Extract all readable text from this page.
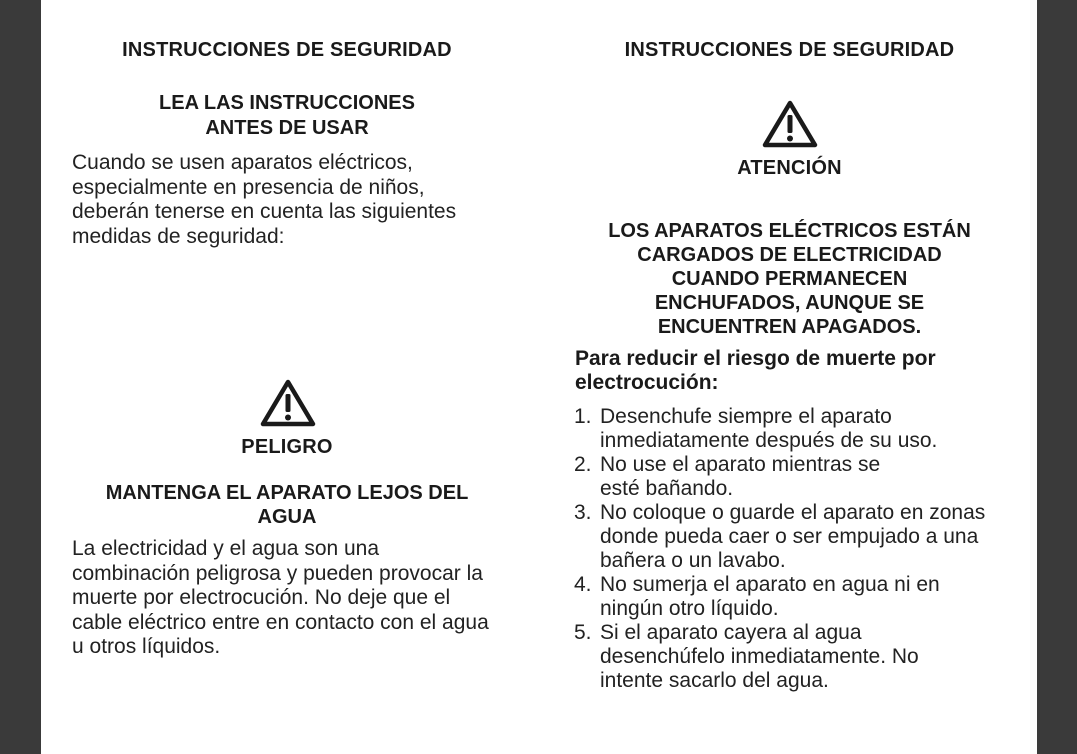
INSTRUCCIONES DE SEGURIDAD

LEA LAS INSTRUCCIONES

ANTES DE USAR

Cuando se usen aparatos eléctricos, especialmente en presencia de niños, deberán tenerse en cuenta las siguientes medidas de seguridad:

PELIGRO

MANTENGA EL APARATO LEJOS DEL

AGUA

La electricidad y el agua son una combinación peligrosa y pueden provocar la muerte por electrocución. No deje que el cable eléctrico entre en contacto con el agua u otros líquidos.

INSTRUCCIONES DE SEGURIDAD

ATENCIÓN

LOS APARATOS ELÉCTRICOS ESTÁN
CARGADOS DE ELECTRICIDAD
CUANDO PERMANECEN
ENCHUFADOS, AUNQUE SE
ENCUENTREN APAGADOS.

Para reducir el riesgo de muerte por electrocución:

1. Desenchufe siempre el aparato inmediatamente después de su uso.
2. No use el aparato mientras se esté bañando.
3. No coloque o guarde el aparato en zonas donde pueda caer o ser empujado a una bañera o un lavabo.
4. No sumerja el aparato en agua ni en ningún otro líquido.
5. Si el aparato cayera al agua desenchúfelo inmediatamente. No intente sacarlo del agua.
